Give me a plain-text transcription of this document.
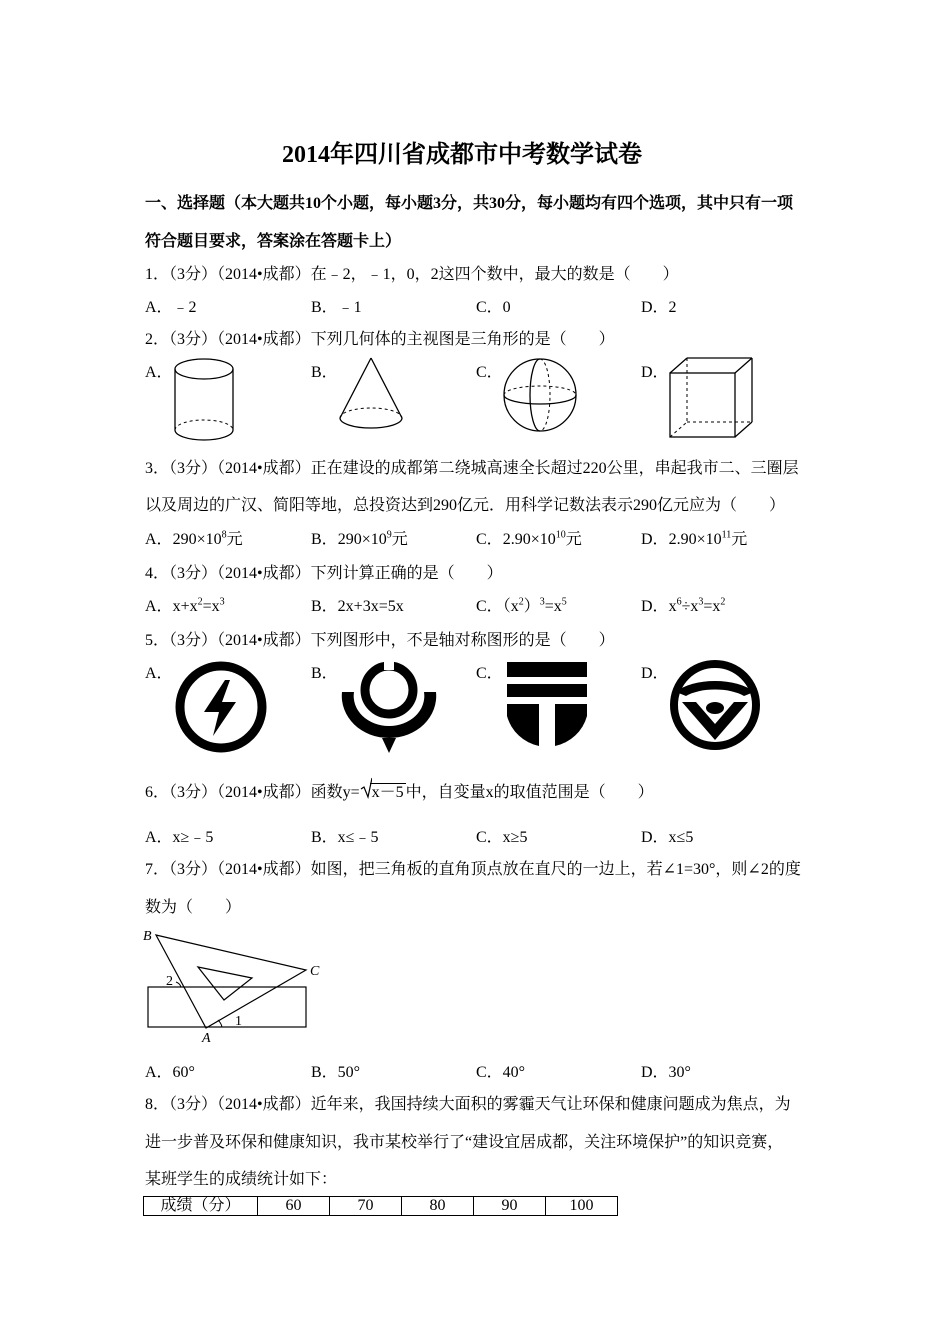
2014年四川省成都市中考数学试卷
一、选择题（本大题共10个小题，每小题3分，共30分，每小题均有四个选项，其中只有一项
符合题目要求，答案涂在答题卡上）
1．（3分）（2014•成都）在﹣2，﹣1，0，2这四个数中，最大的数是（　　）
A．﹣2	B．﹣1	C．0	D．2
2．（3分）（2014•成都）下列几何体的主视图是三角形的是（　　）
A．	B．	C．	D．
3．（3分）（2014•成都）正在建设的成都第二绕城高速全长超过220公里，串起我市二、三圈层
以及周边的广汉、简阳等地，总投资达到290亿元．用科学记数法表示290亿元应为（　　）
A．$290\times 10^8$元	B．$290\times 10^9$元	C．$2.90\times 10^{10}$元	D．$2.90\times 10^{11}$元
4．（3分）（2014•成都）下列计算正确的是（　　）
A．$x+x^2=x^3$	B．2x+3x=5x	C．$(x^2)^3=x^5$	D．$x^6\div x^3=x^2$
5．（3分）（2014•成都）下列图形中，不是轴对称图形的是（　　）
A．	B．	C．	D．
6．（3分）（2014•成都）函数y= x－5 中，自变量x的取值范围是（　　）
A．x≥﹣5	B．x≤﹣5	C．x≥5	D．x≤5
7．（3分）（2014•成都）如图，把三角板的直角顶点放在直尺的一边上，若∠1=30°，则∠2的度
数为（　　）
B
C
A
1
2
A．60°	B．50°	C．40°	D．30°
8．（3分）（2014•成都）近年来，我国持续大面积的雾霾天气让环保和健康问题成为焦点，为
进一步普及环保和健康知识，我市某校举行了“建设宜居成都，关注环境保护”的知识竞赛，
某班学生的成绩统计如下：
成绩（分）	60	70	80	90	100
